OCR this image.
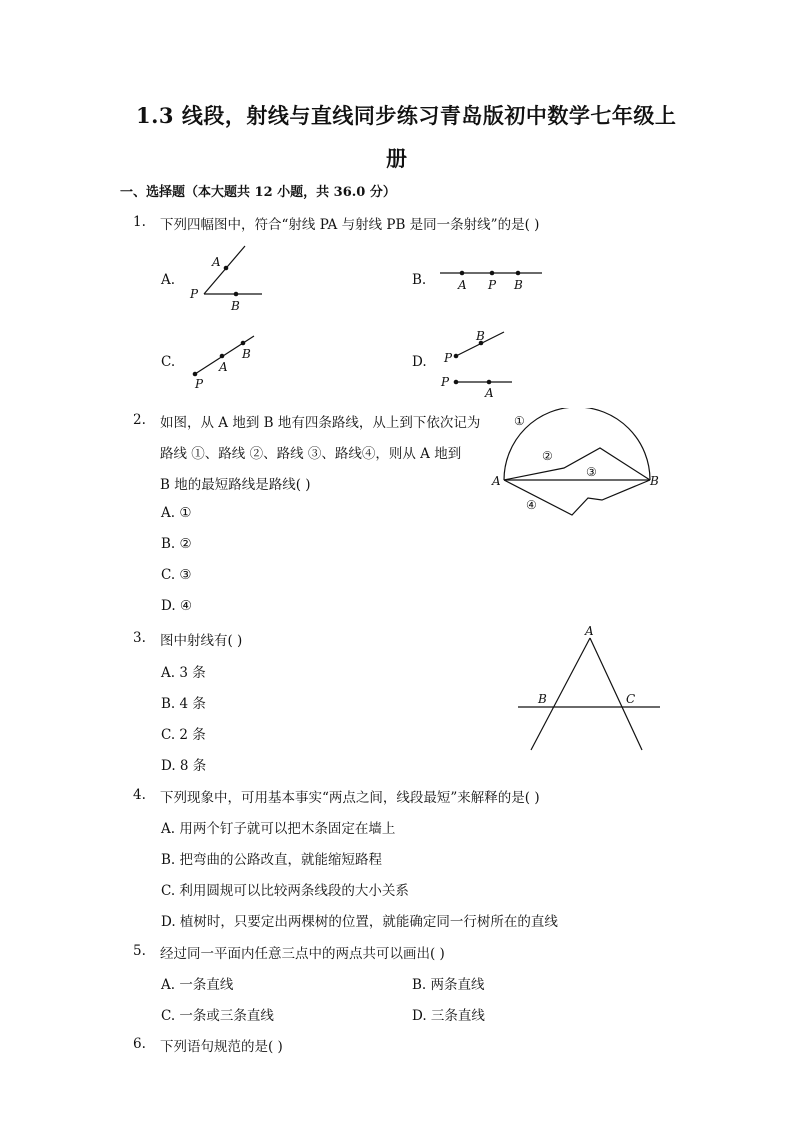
1.3 线段，射线与直线同步练习青岛版初中数学七年级上
册
一、选择题（本大题共 12 小题，共 36.0 分）
1. 下列四幅图中，符合“射线 PA 与射线 PB 是同一条射线”的是( )
A.
A
P
B
B.	A P B
C.
P
A
B	D. P
B
P
A
2. 如图，从 A 地到 B 地有四条路线，从上到下依次记为
路线 ①、路线 ②、路线 ③、路线④，则从 A 地到
B 地的最短路线是路线( )
A. ①
B. ②
C. ③
D. ④
A	B
①
②
③
④
3. 图中射线有( )
A. 3 条
B. 4 条
C. 2 条
D. 8 条
A
B	C
4. 下列现象中，可用基本事实“两点之间，线段最短”来解释的是( )
A. 用两个钉子就可以把木条固定在墙上
B. 把弯曲的公路改直，就能缩短路程
C. 利用圆规可以比较两条线段的大小关系
D. 植树时，只要定出两棵树的位置，就能确定同一行树所在的直线
5. 经过同一平面内任意三点中的两点共可以画出( )
A. 一条直线	B. 两条直线
C. 一条或三条直线	D. 三条直线
6. 下列语句规范的是( )
